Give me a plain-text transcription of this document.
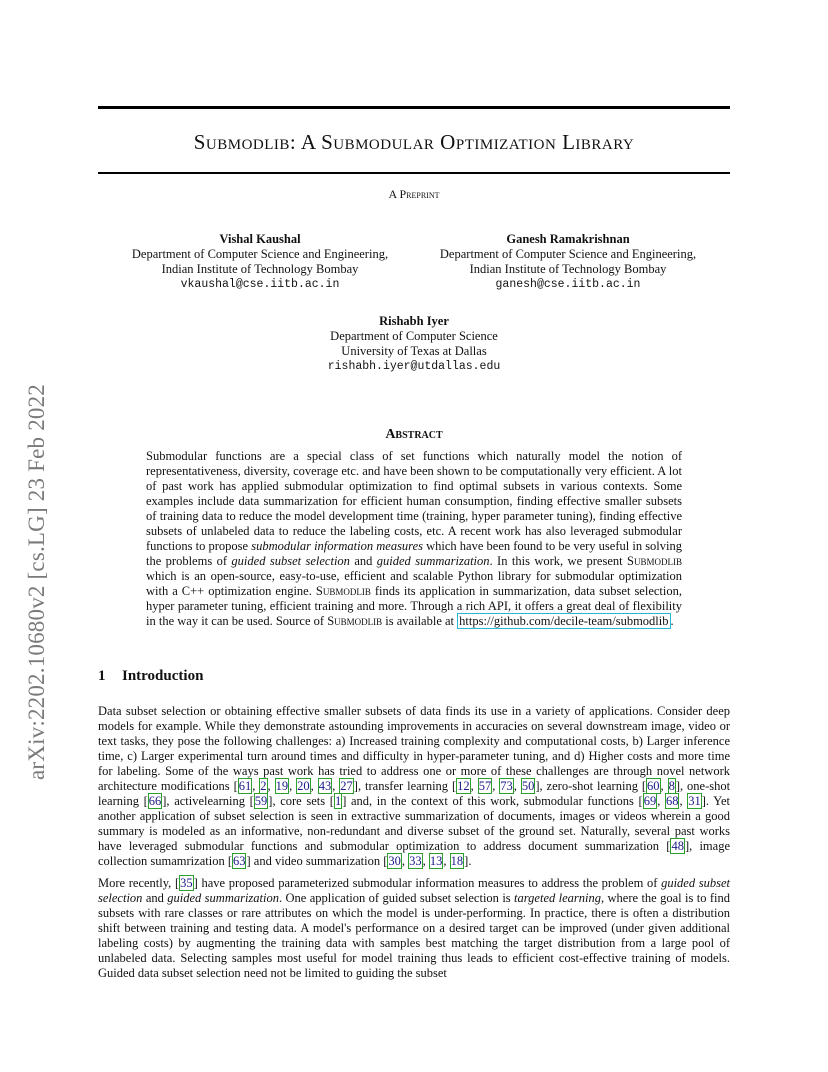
arXiv:2202.10680v2 [cs.LG] 23 Feb 2022
Submodlib: A Submodular Optimization Library
A Preprint
Vishal Kaushal
Department of Computer Science and Engineering,
Indian Institute of Technology Bombay
vkaushal@cse.iitb.ac.in
Ganesh Ramakrishnan
Department of Computer Science and Engineering,
Indian Institute of Technology Bombay
ganesh@cse.iitb.ac.in
Rishabh Iyer
Department of Computer Science
University of Texas at Dallas
rishabh.iyer@utdallas.edu
Abstract
Submodular functions are a special class of set functions which naturally model the notion of representativeness, diversity, coverage etc. and have been shown to be computationally very efficient. A lot of past work has applied submodular optimization to find optimal subsets in various contexts. Some examples include data summarization for efficient human consumption, finding effective smaller subsets of training data to reduce the model development time (training, hyper parameter tuning), finding effective subsets of unlabeled data to reduce the labeling costs, etc. A recent work has also leveraged submodular functions to propose submodular information measures which have been found to be very useful in solving the problems of guided subset selection and guided summarization. In this work, we present Submodlib which is an open-source, easy-to-use, efficient and scalable Python library for submodular optimization with a C++ optimization engine. Submodlib finds its application in summarization, data subset selection, hyper parameter tuning, efficient training and more. Through a rich API, it offers a great deal of flexibility in the way it can be used. Source of Submodlib is available at https://github.com/decile-team/submodlib .
1 Introduction
Data subset selection or obtaining effective smaller subsets of data finds its use in a variety of applications. Consider deep models for example. While they demonstrate astounding improvements in accuracies on several downstream image, video or text tasks, they pose the following challenges: a) Increased training complexity and computational costs, b) Larger inference time, c) Larger experimental turn around times and difficulty in hyper-parameter tuning, and d) Higher costs and more time for labeling. Some of the ways past work has tried to address one or more of these challenges are through novel network architecture modifications [61, 2, 19, 20, 43, 27], transfer learning [12, 57, 73, 50], zero-shot learning [60, 8], one-shot learning [66], activelearning [59], core sets [1] and, in the context of this work, submodular functions [69, 68, 31]. Yet another application of subset selection is seen in extractive summarization of documents, images or videos wherein a good summary is modeled as an informative, non-redundant and diverse subset of the ground set. Naturally, several past works have leveraged submodular functions and submodular optimization to address document summarization [48], image collection sumamrization [63] and video summarization [30, 33, 13, 18].
More recently, [35] have proposed parameterized submodular information measures to address the problem of guided subset selection and guided summarization. One application of guided subset selection is targeted learning, where the goal is to find subsets with rare classes or rare attributes on which the model is under-performing. In practice, there is often a distribution shift between training and testing data. A model's performance on a desired target can be improved (under given additional labeling costs) by augmenting the training data with samples best matching the target distribution from a large pool of unlabeled data. Selecting samples most useful for model training thus leads to efficient cost-effective training of models. Guided data subset selection need not be limited to guiding the subset
